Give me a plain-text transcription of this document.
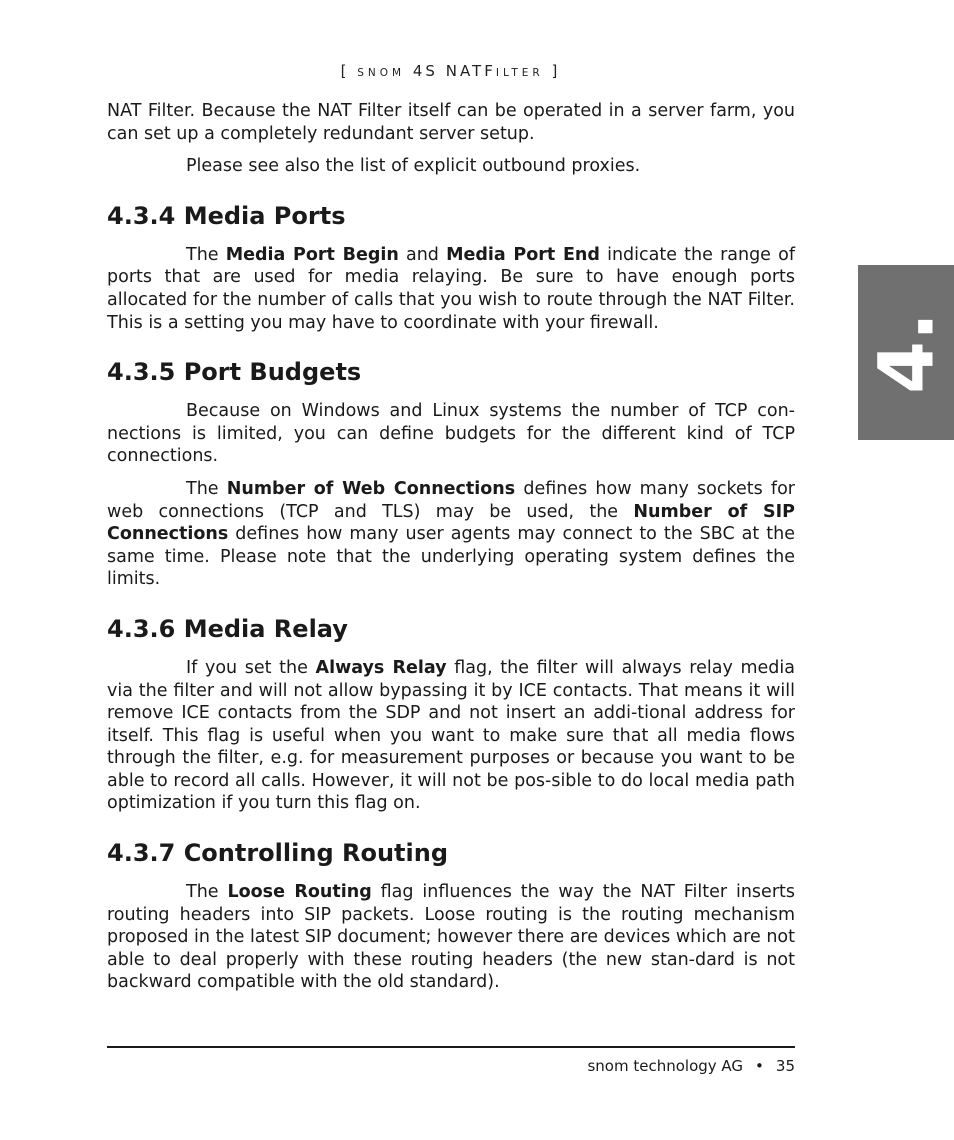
[ SNOM 4S NATFILTER ]

NAT Filter. Because the NAT Filter itself can be operated in a server farm, you can set up a completely redundant server setup.

Please see also the list of explicit outbound proxies.

4.3.4 Media Ports

The Media Port Begin and Media Port End indicate the range of ports that are used for media relaying. Be sure to have enough ports allocated for the number of calls that you wish to route through the NAT Filter. This is a setting you may have to coordinate with your firewall.

4.3.5 Port Budgets

Because on Windows and Linux systems the number of TCP con-nections is limited, you can define budgets for the different kind of TCP connections.

The Number of Web Connections defines how many sockets for web connections (TCP and TLS) may be used, the Number of SIP Connections defines how many user agents may connect to the SBC at the same time. Please note that the underlying operating system defines the limits.

4.3.6 Media Relay

If you set the Always Relay flag, the filter will always relay media via the filter and will not allow bypassing it by ICE contacts. That means it will remove ICE contacts from the SDP and not insert an addi-tional address for itself. This flag is useful when you want to make sure that all media flows through the filter, e.g. for measurement purposes or because you want to be able to record all calls. However, it will not be pos-sible to do local media path optimization if you turn this flag on.

4.3.7 Controlling Routing

The Loose Routing flag influences the way the NAT Filter inserts routing headers into SIP packets. Loose routing is the routing mechanism proposed in the latest SIP document; however there are devices which are not able to deal properly with these routing headers (the new stan-dard is not backward compatible with the old standard).

4.
snom technology AG • 35
